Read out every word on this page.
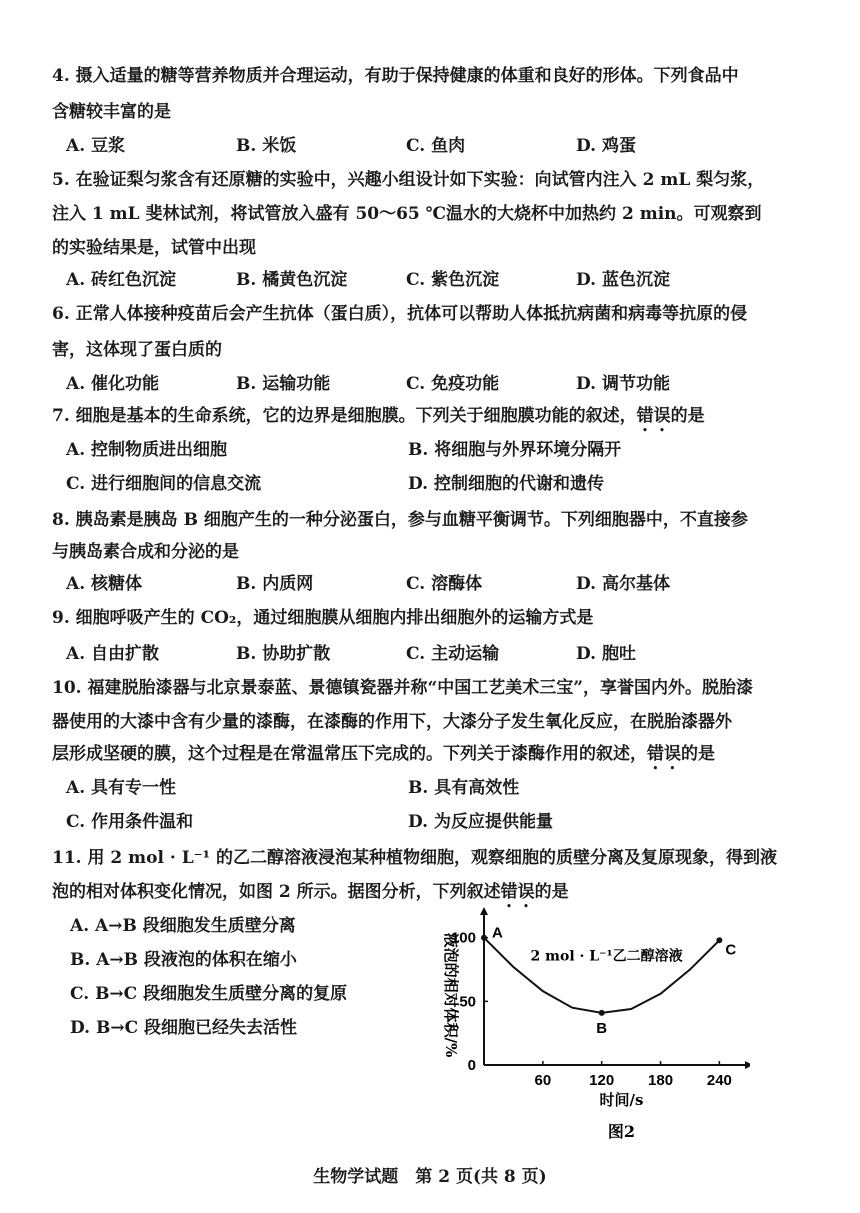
4. 摄入适量的糖等营养物质并合理运动，有助于保持健康的体重和良好的形体。下列食品中
含糖较丰富的是
A. 豆浆	B. 米饭	C. 鱼肉	D. 鸡蛋
5. 在验证梨匀浆含有还原糖的实验中，兴趣小组设计如下实验：向试管内注入 2 mL 梨匀浆，
注入 1 mL 斐林试剂，将试管放入盛有 50～65 ℃温水的大烧杯中加热约 2 min。可观察到
的实验结果是，试管中出现
A. 砖红色沉淀	B. 橘黄色沉淀	C. 紫色沉淀	D. 蓝色沉淀
6. 正常人体接种疫苗后会产生抗体（蛋白质），抗体可以帮助人体抵抗病菌和病毒等抗原的侵
害，这体现了蛋白质的
A. 催化功能	B. 运输功能	C. 免疫功能	D. 调节功能
7. 细胞是基本的生命系统，它的边界是细胞膜。下列关于细胞膜功能的叙述，错误的是
A. 控制物质进出细胞	B. 将细胞与外界环境分隔开
C. 进行细胞间的信息交流	D. 控制细胞的代谢和遗传
8. 胰岛素是胰岛 B 细胞产生的一种分泌蛋白，参与血糖平衡调节。下列细胞器中，不直接参
与胰岛素合成和分泌的是
A. 核糖体	B. 内质网	C. 溶酶体	D. 高尔基体
9. 细胞呼吸产生的 CO₂，通过细胞膜从细胞内排出细胞外的运输方式是
A. 自由扩散	B. 协助扩散	C. 主动运输	D. 胞吐
10. 福建脱胎漆器与北京景泰蓝、景德镇瓷器并称“中国工艺美术三宝”，享誉国内外。脱胎漆
器使用的大漆中含有少量的漆酶，在漆酶的作用下，大漆分子发生氧化反应，在脱胎漆器外
层形成坚硬的膜，这个过程是在常温常压下完成的。下列关于漆酶作用的叙述，错误的是
A. 具有专一性	B. 具有高效性
C. 作用条件温和	D. 为反应提供能量
11. 用 2 mol · L⁻¹ 的乙二醇溶液浸泡某种植物细胞，观察细胞的质壁分离及复原现象，得到液
泡的相对体积变化情况，如图 2 所示。据图分析，下列叙述错误的是
A. A→B 段细胞发生质壁分离
B. A→B 段液泡的体积在缩小
C. B→C 段细胞发生质壁分离的复原
D. B→C 段细胞已经失去活性
60	120 180 240
0
50
100
时间/s
液泡的相对体积/%	2 mol · L⁻¹乙二醇溶液
A
B
C
图2
生物学试题　第 2 页(共 8 页)
